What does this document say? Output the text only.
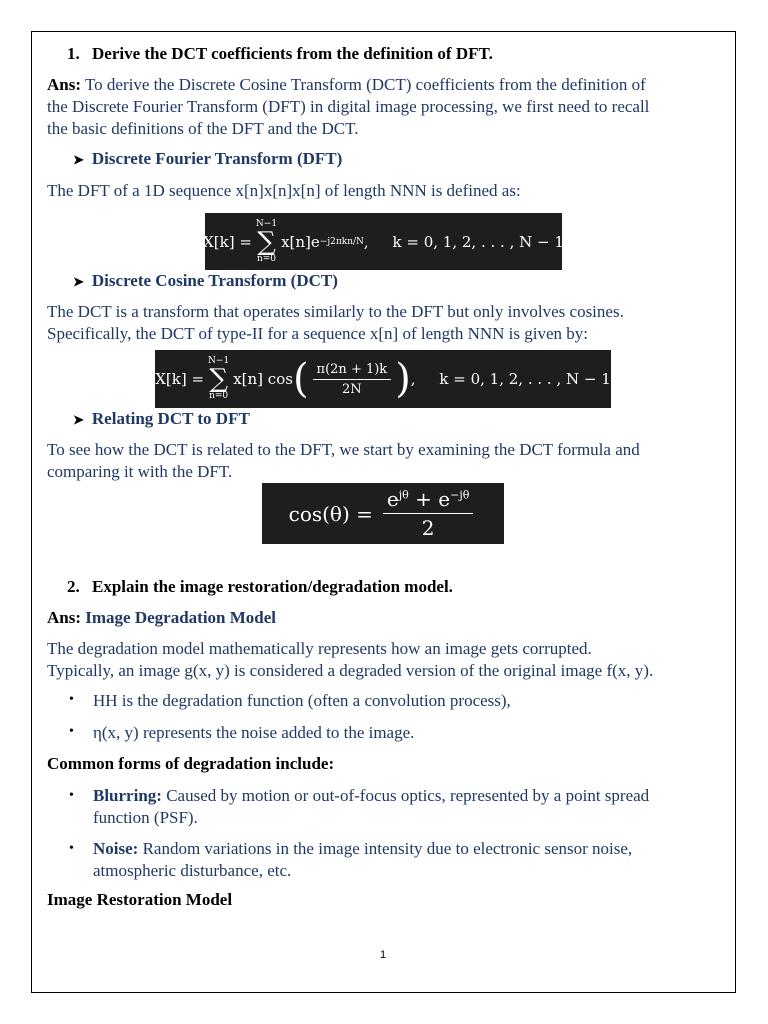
1. Derive the DCT coefficients from the definition of DFT.
Ans: To derive the Discrete Cosine Transform (DCT) coefficients from the definition of
the Discrete Fourier Transform (DFT) in digital image processing, we first need to recall
the basic definitions of the DFT and the DCT.
➤ Discrete Fourier Transform (DFT)
The DFT of a 1D sequence x[n]x[n]x[n] of length NNN is defined as:
X[k] =
N−1
∑
n=0
x[n]e −j2πkn/N ,     k = 0, 1, 2, . . . , N − 1
➤ Discrete Cosine Transform (DCT)
The DCT is a transform that operates similarly to the DFT but only involves cosines.
Specifically, the DCT of type-II for a sequence x[n] of length NNN is given by:
X[k] =
N−1
∑
n=0
x[n] cos ( $\frac{\pi(2n + 1)k}{2N}$ ) ,     k = 0, 1, 2, . . . , N − 1
➤ Relating DCT to DFT
To see how the DCT is related to the DFT, we start by examining the DCT formula and
comparing it with the DFT.
$\cos(\theta) = \frac{e^{j\theta} + e^{-j\theta}}{2}$
2. Explain the image restoration/degradation model.
Ans: Image Degradation Model
The degradation model mathematically represents how an image gets corrupted.
Typically, an image g(x, y) is considered a degraded version of the original image f(x, y).
• HH is the degradation function (often a convolution process),
• η(x, y) represents the noise added to the image.
Common forms of degradation include:
• Blurring: Caused by motion or out-of-focus optics, represented by a point spread
function (PSF).
• Noise: Random variations in the image intensity due to electronic sensor noise,
atmospheric disturbance, etc.
Image Restoration Model
1
